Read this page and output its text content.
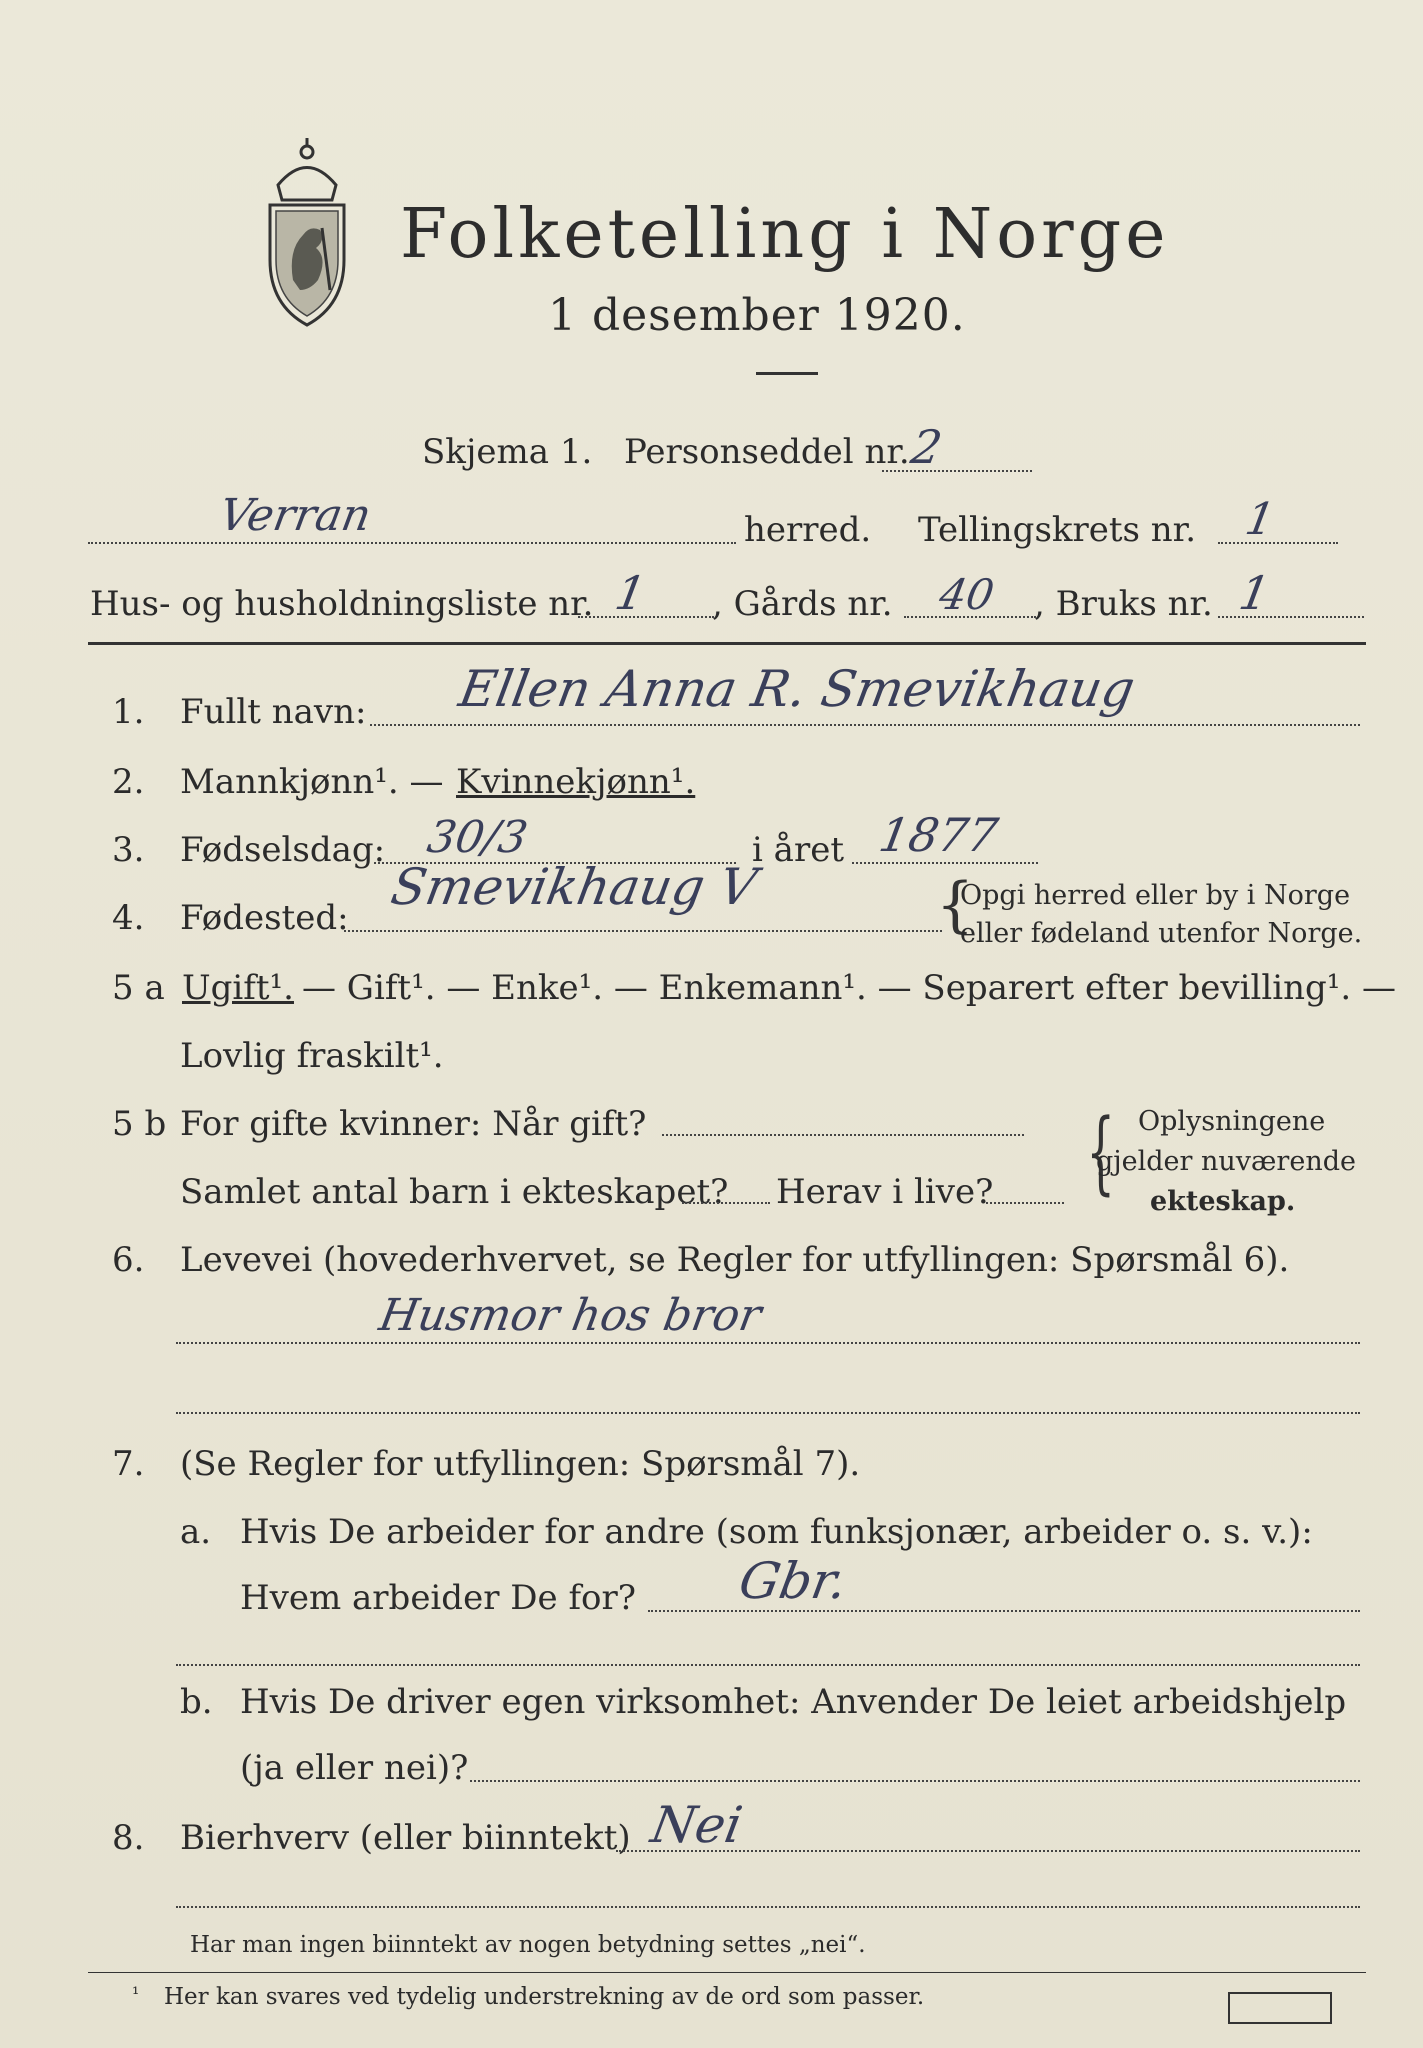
Folketelling i Norge
1 desember 1920.
Skjema 1. Personseddel nr.
2
Verran	herred. Tellingskrets nr. 1
Hus- og husholdningsliste nr. 1 , Gårds nr. 40 , Bruks nr. 1
1. Fullt navn: Ellen Anna R. Smevikhaug
2. Mannkjønn¹. — Kvinnekjønn¹.
3. Fødselsdag: 30/3	i året 1877
4. Fødested:
Smevikhaug V	{
Opgi herred eller by i Norge
eller fødeland utenfor Norge.
5 a Ugift¹. — Gift¹. — Enke¹. — Enkemann¹. — Separert efter bevilling¹. —
Lovlig fraskilt¹.
5 b For gifte kvinner: Når gift?
Samlet antal barn i ekteskapet? Herav i live? { Oplysningene
gjelder nuværende
ekteskap.
6. Levevei (hovederhvervet, se Regler for utfyllingen: Spørsmål 6).
Husmor hos bror
7. (Se Regler for utfyllingen: Spørsmål 7).
a. Hvis De arbeider for andre (som funksjonær, arbeider o. s. v.):
Hvem arbeider De for? Gbr.
b. Hvis De driver egen virksomhet: Anvender De leiet arbeidshjelp
(ja eller nei)?
8. Bierhverv (eller biinntekt) Nei
Har man ingen biinntekt av nogen betydning settes „nei“.
¹ Her kan svares ved tydelig understrekning av de ord som passer.
